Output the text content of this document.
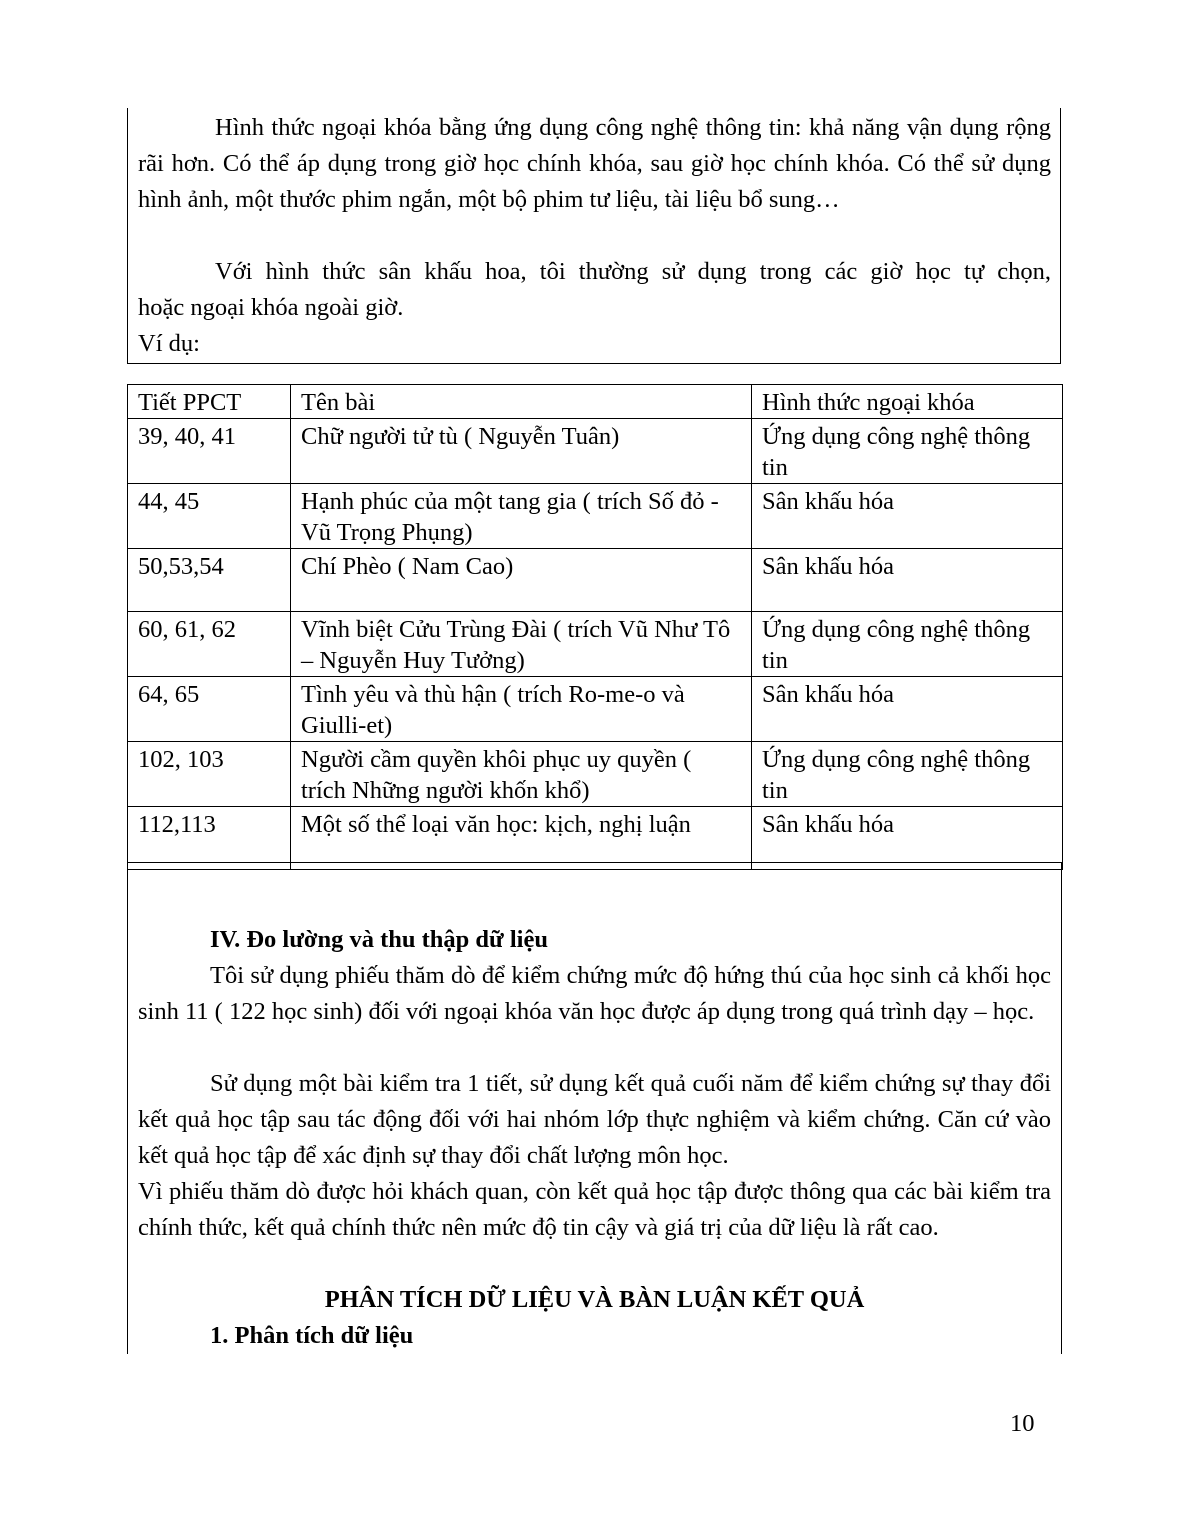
Hình thức ngoại khóa bằng ứng dụng công nghệ thông tin: khả năng vận dụng rộng rãi hơn. Có thể áp dụng trong giờ học chính khóa, sau giờ học chính khóa. Có thể sử dụng hình ảnh, một thước phim ngắn, một bộ phim tư liệu, tài liệu bổ sung…
Với hình thức sân khấu hoa, tôi thường sử dụng trong các giờ học tự chọn,
hoặc ngoại khóa ngoài giờ.
Ví dụ:
Tiết PPCT	Tên bài	Hình thức ngoại khóa
39, 40, 41	Chữ người tử tù ( Nguyễn Tuân)	Ứng dụng công nghệ thông tin
44, 45	Hạnh phúc của một tang gia ( trích Số đỏ - Vũ Trọng Phụng)	Sân khấu hóa
50,53,54	Chí Phèo ( Nam Cao)	Sân khấu hóa
60, 61, 62	Vĩnh biệt Cửu Trùng Đài ( trích Vũ Như Tô – Nguyễn Huy Tưởng)	Ứng dụng công nghệ thông tin
64, 65	Tình yêu và thù hận ( trích Ro-me-o và Giulli-et)	Sân khấu hóa
102, 103	Người cầm quyền khôi phục uy quyền ( trích Những người khốn khổ)	Ứng dụng công nghệ thông tin
112,113	Một số thể loại văn học: kịch, nghị luận	Sân khấu hóa
IV. Đo lường và thu thập dữ liệu
Tôi sử dụng phiếu thăm dò để kiểm chứng mức độ hứng thú của học sinh cả khối học sinh 11 ( 122 học sinh) đối với ngoại khóa văn học được áp dụng trong quá trình dạy – học.
Sử dụng một bài kiểm tra 1 tiết, sử dụng kết quả cuối năm để kiểm chứng sự thay đổi kết quả học tập sau tác động đối với hai nhóm lớp thực nghiệm và kiểm chứng. Căn cứ vào kết quả học tập để xác định sự thay đổi chất lượng môn học.
Vì phiếu thăm dò được hỏi khách quan, còn kết quả học tập được thông qua các bài kiểm tra chính thức, kết quả chính thức nên mức độ tin cậy và giá trị của dữ liệu là rất cao.
PHÂN TÍCH DỮ LIỆU VÀ BÀN LUẬN KẾT QUẢ
1. Phân tích dữ liệu
10
